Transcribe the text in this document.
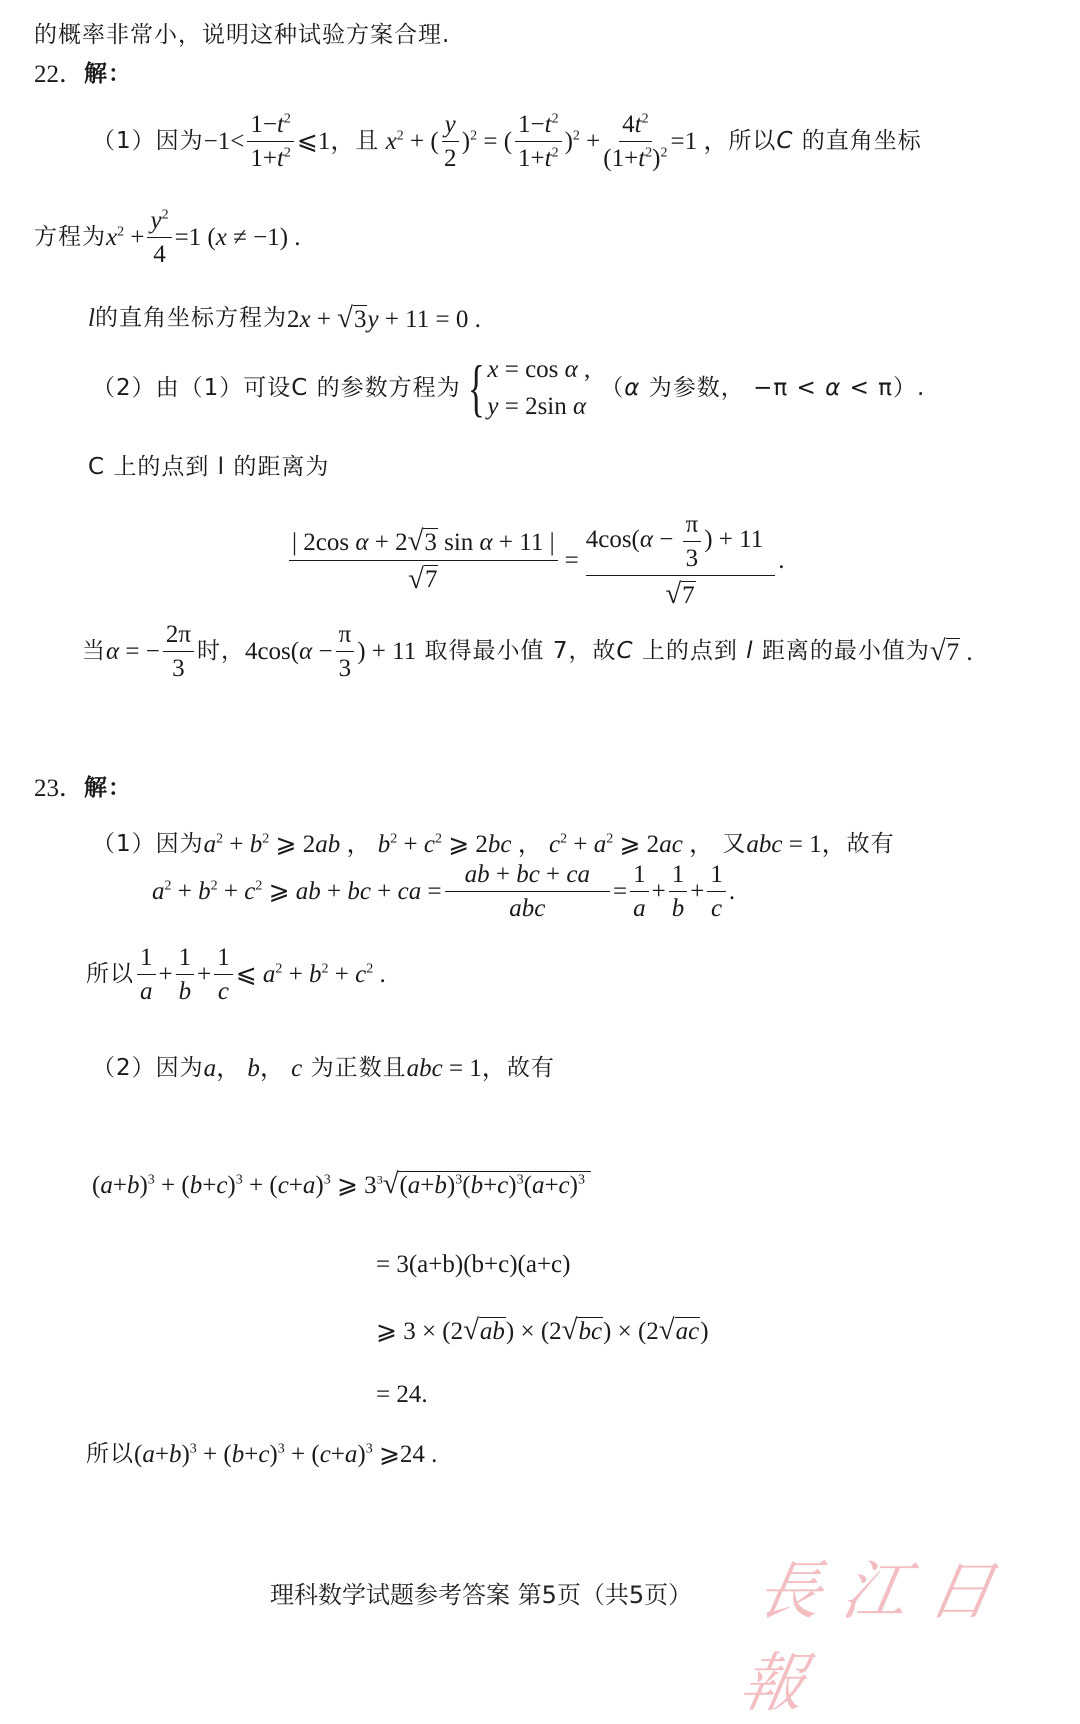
的概率非常小，说明这种试验方案合理.
22． 解：
（1）因为 $-1< \frac{1-t^2}{1+t^2}$ ⩽1， 且 $x^2$ + ( $\frac{y}{2} )^2$ = ( $\frac{1-t^2}{1+t^2} )^2 + \frac{4t^2}{(1+t^2)^2} =1$ ， 所以C 的直角坐标
方程为 $x^2 + \frac{y^2}{4} =1$ (x ≠ −1) .
l 的直角坐标方程为 2x + √ 3 y + 11 = 0 .
（2）由（1）可设C 的参数方程为 { x = cos α ,
y = 2sin α
（α 为参数， −π < α < π）.
C 上的点到 l 的距离为
$\frac{\text{| 2cos α + 2 √ 3 sin α + 11 |}}{√ 7} = \frac{4\cos(\alpha - \frac{\pi}{3} ) + 11}{√ 7}$ .
当 α = − $\frac{2\pi}{3}$ 时， $4\cos(\alpha - \frac{\pi}{3}$ ) + 11 取得最小值 7，故C 上的点到 l 距离的最小值为 √ 7 .
23． 解：
（1）因为 $a^2 + b^2$ ⩾ 2ab ， $b^2 + c^2$ ⩾ 2bc ， $c^2 + a^2$ ⩾ 2ac ， 又 abc = 1， 故有
$a^2 + b^2 + c^2$ ⩾ ab + bc + ca = $\frac{ab + bc + ca}{\text{abc}} = \frac{1}{a} + \frac{1}{b} + \frac{1}{c}$ .
所以 $\frac{1}{a} + \frac{1}{b} + \frac{1}{c}$ ⩽ $a^2 + b^2 + c^2$ .
（2）因为 a， b， c 为正数且 abc = 1， 故有
$(a+b)^3 + (b+c)^3 + (c+a)^3$ ⩾ $3^3$ √ $(a+b)^3(b+c)^3(a+c)^3$
= 3(a+b)(b+c)(a+c)
⩾ 3 × (2 √ ab ) × (2 √ bc ) × (2 √ ac )
= 24.
所以 $(a+b)^3 + (b+c)^3 + (c+a)^3$ ⩾24 .
理科数学试题参考答案 第5页（共5页） 長江日報
